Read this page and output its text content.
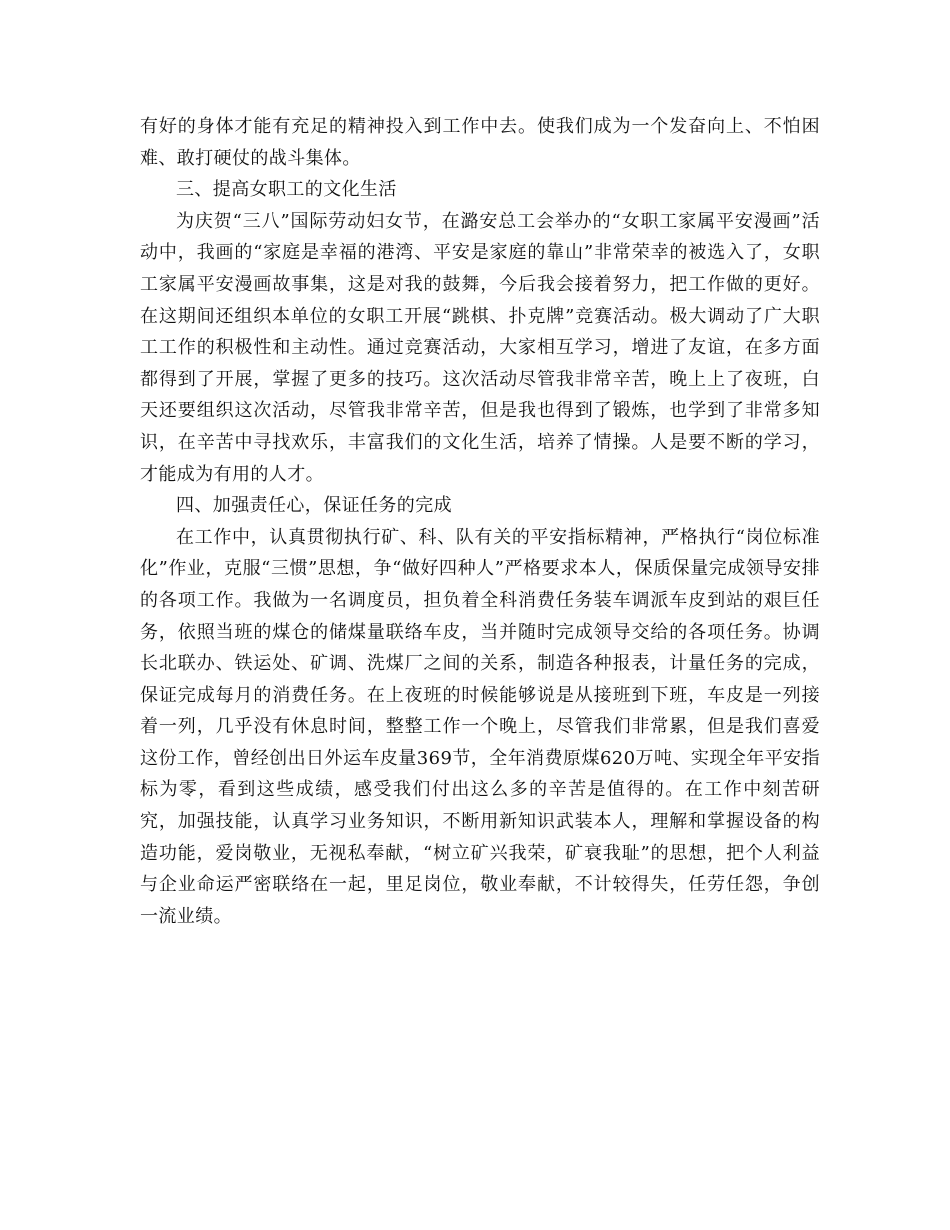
有好的身体才能有充足的精神投入到工作中去。使我们成为一个发奋向上、不怕困难、敢打硬仗的战斗集体。

三、提高女职工的文化生活

为庆贺“三八”国际劳动妇女节，在潞安总工会举办的“女职工家属平安漫画”活动中，我画的“家庭是幸福的港湾、平安是家庭的靠山”非常荣幸的被选入了，女职工家属平安漫画故事集，这是对我的鼓舞，今后我会接着努力，把工作做的更好。在这期间还组织本单位的女职工开展“跳棋、扑克牌”竞赛活动。极大调动了广大职工工作的积极性和主动性。通过竞赛活动，大家相互学习，增进了友谊，在多方面都得到了开展，掌握了更多的技巧。这次活动尽管我非常辛苦，晚上上了夜班，白天还要组织这次活动，尽管我非常辛苦，但是我也得到了锻炼，也学到了非常多知识，在辛苦中寻找欢乐，丰富我们的文化生活，培养了情操。人是要不断的学习，才能成为有用的人才。

四、加强责任心，保证任务的完成

在工作中，认真贯彻执行矿、科、队有关的平安指标精神，严格执行“岗位标准化”作业，克服“三惯”思想，争“做好四种人”严格要求本人，保质保量完成领导安排的各项工作。我做为一名调度员，担负着全科消费任务装车调派车皮到站的艰巨任务，依照当班的煤仓的储煤量联络车皮，当并随时完成领导交给的各项任务。协调长北联办、铁运处、矿调、洗煤厂之间的关系，制造各种报表，计量任务的完成，保证完成每月的消费任务。在上夜班的时候能够说是从接班到下班，车皮是一列接着一列，几乎没有休息时间，整整工作一个晚上，尽管我们非常累，但是我们喜爱这份工作，曾经创出日外运车皮量369节，全年消费原煤620万吨、实现全年平安指标为零，看到这些成绩，感受我们付出这么多的辛苦是值得的。在工作中刻苦研究，加强技能，认真学习业务知识，不断用新知识武装本人，理解和掌握设备的构造功能，爱岗敬业，无视私奉献，“树立矿兴我荣，矿衰我耻”的思想，把个人利益与企业命运严密联络在一起，里足岗位，敬业奉献，不计较得失，任劳任怨，争创一流业绩。
